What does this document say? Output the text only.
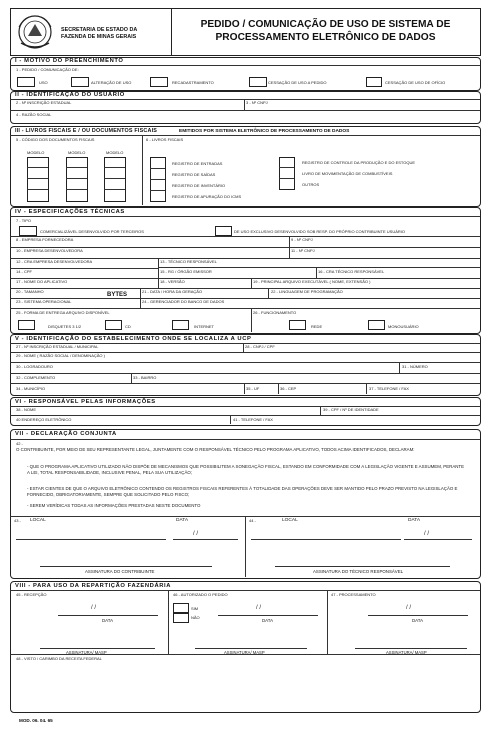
SECRETARIA DE ESTADO DA
FAZENDA DE MINAS GERAIS
PEDIDO / COMUNICAÇÃO DE USO DE SISTEMA DE
PROCESSAMENTO ELETRÔNICO DE DADOS
I - MOTIVO DO PREENCHIMENTO
1 - PEDIDO / COMUNICAÇÃO DE:
USO	ALTERAÇÃO DE USO	RECADASTRAMENTO	CESSAÇÃO DE USO A PEDIDO	CESSAÇÃO DE USO DE OFÍCIO
II - IDENTIFICAÇÃO DO USUÁRIO
2 - Nº INSCRIÇÃO ESTADUAL	3 - Nº CNPJ
4 - RAZÃO SOCIAL
III - LIVROS FISCAIS E / OU DOCUMENTOS FISCAIS	EMITIDOS POR SISTEMA ELETRÔNICO DE PROCESSAMENTO DE DADOS
5 - CÓDIGO DOS DOCUMENTOS FISCAIS	6 - LIVROS FISCAIS
MODELO	MODELO	MODELO
REGISTRO DE ENTRADAS
REGISTRO DE SAÍDAS
REGISTRO DE INVENTÁRIO
REGISTRO DE APURAÇÃO DO ICMS
REGISTRO DE CONTROLE DA PRODUÇÃO E DO ESTOQUE
LIVRO DE MOVIMENTAÇÃO DE COMBUSTÍVEIS
OUTROS
IV - ESPECIFICAÇÕES TÉCNICAS
7 - TIPO
COMERCIALIZÁVEL DESENVOLVIDO POR TERCEIROS	DE USO EXCLUSIVO DESENVOLVIDO SOB RESP. DO PRÓPRIO CONTRIBUINTE USUÁRIO
8 - EMPRESA FORNECEDORA	9 - Nº CNPJ
10 - EMPRESA DESENVOLVEDORA	11 - Nº CNPJ
12 - CRA EMPRESA DESENVOLVEDORA	13 - TÉCNICO RESPONSÁVEL
14 - CPF	15 - RG / ÓRGÃO EMISSOR	16 - CRA TÉCNICO RESPONSÁVEL
17 - NOME DO APLICATIVO	18 - VERSÃO	19 - PRINCIPAL ARQUIVO EXECUTÁVEL ( NOME, EXTENSÃO )
20 - TAMANHO
BYTES
21 - DATA / HORA DA GERAÇÃO	22 - LINGUAGEM DE PROGRAMAÇÃO
23 - SISTEMA OPERACIONAL	24 - GERENCIADOR DO BANCO DE DADOS
25 - FORMA DE ENTREGA ARQUIVO DISPONÍVEL	26 - FUNCIONAMENTO
DISQUETES 3 1/2	CD	INTERNET	REDE	MONOUSUÁRIO
V - IDENTIFICAÇÃO DO ESTABELECIMENTO ONDE SE LOCALIZA A UCP
27 - Nº INSCRIÇÃO ESTADUAL / MUNICIPAL	28 - CNPJ / CPF
29 - NOME ( RAZÃO SOCIAL / DENOMINAÇÃO )
30 - LOGRADOURO	31 - NÚMERO
32 - COMPLEMENTO	33 - BAIRRO
34 - MUNICÍPIO	35 - UF	36 - CEP	37 - TELEFONE / FAX
VI - RESPONSÁVEL PELAS INFORMAÇÕES
38 - NOME	39 - CPF / Nº DE IDENTIDADE
40 ENDEREÇO ELETRÔNICO	41 - TELEFONE / FAX
VII - DECLARAÇÃO CONJUNTA
42 -
O CONTRIBUINTE, POR MEIO DE SEU REPRESENTANTE LEGAL, JUNTAMENTE COM O RESPONSÁVEL TÉCNICO PELO PROGRAMA APLICATIVO, TODOS ACIMA IDENTIFICADOS, DECLARAM:
- QUE O PROGRAMA APLICATIVO UTILIZADO NÃO DISPÕE DE MECANISMOS QUE POSSIBILITEM A SONEGAÇÃO FISCAL, ESTANDO EM CONFORMIDADE COM A LEGISLAÇÃO VIGENTE E ASSUMEM, PERANTE A LEI, TOTAL RESPONSABILIDADE, INCLUSIVE PENAL, PELA SUA UTILIZAÇÃO;
- ESTAR CIENTES DE QUE O ARQUIVO ELETRÔNICO CONTENDO OS REGISTROS FISCAIS REFERENTES À TOTALIDADE DAS OPERAÇÕES DEVE SER MANTIDO PELO PRAZO PREVISTO NA LEGISLAÇÃO E FORNECIDO, OBRIGATORIAMENTE, SEMPRE QUE SOLICITADO PELO FISCO;
- SEREM VERÍDICAS TODAS AS INFORMAÇÕES PRESTADAS NESTE DOCUMENTO
43 - LOCAL	DATA
/ /
ASSINATURA DO CONTRIBUINTE
44 -	LOCAL	DATA
/ /
ASSINATURA DO TÉCNICO RESPONSÁVEL
VIII - PARA USO DA REPARTIÇÃO FAZENDÁRIA
45 - RECEPÇÃO	46 - AUTORIZADO O PEDIDO
SIM
NÃO
47 - PROCESSAMENTO
/ /
DATA
/ /
DATA
/ /
DATA
ASSINATURA/ MASP	ASSINATURA/ MASP	ASSINATURA/ MASP
48 - VISTO / CARIMBO DA RECEITA FEDERAL
MOD. 06. 04. 65
